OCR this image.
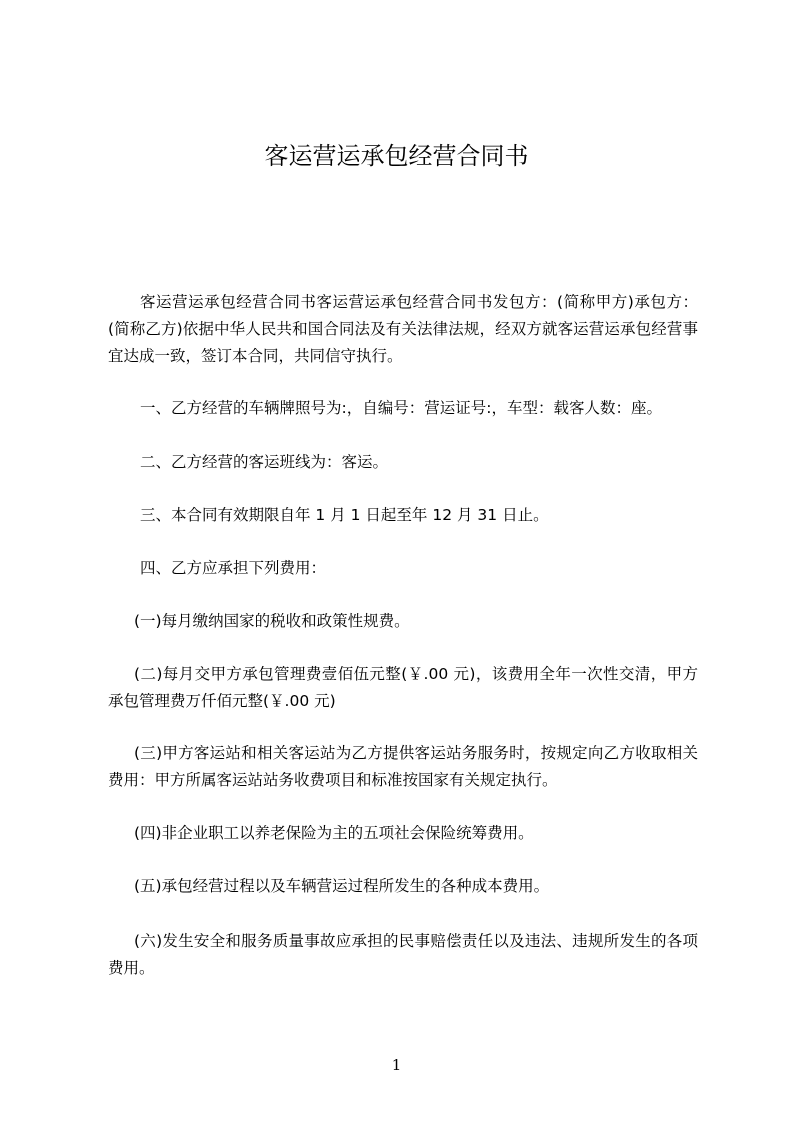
客运营运承包经营合同书

客运营运承包经营合同书客运营运承包经营合同书发包方：(简称甲方)承包方：(简称乙方)依据中华人民共和国合同法及有关法律法规，经双方就客运营运承包经营事宜达成一致，签订本合同，共同信守执行。

一、乙方经营的车辆牌照号为:，自编号：营运证号:，车型：载客人数：座。

二、乙方经营的客运班线为：客运。

三、本合同有效期限自年 1 月 1 日起至年 12 月 31 日止。

四、乙方应承担下列费用：

(一)每月缴纳国家的税收和政策性规费。

(二)每月交甲方承包管理费壹佰伍元整(￥.00 元)，该费用全年一次性交清，甲方承包管理费万仟佰元整(￥.00 元)

(三)甲方客运站和相关客运站为乙方提供客运站务服务时，按规定向乙方收取相关费用：甲方所属客运站站务收费项目和标准按国家有关规定执行。

(四)非企业职工以养老保险为主的五项社会保险统筹费用。

(五)承包经营过程以及车辆营运过程所发生的各种成本费用。

(六)发生安全和服务质量事故应承担的民事赔偿责任以及违法、违规所发生的各项费用。

1
